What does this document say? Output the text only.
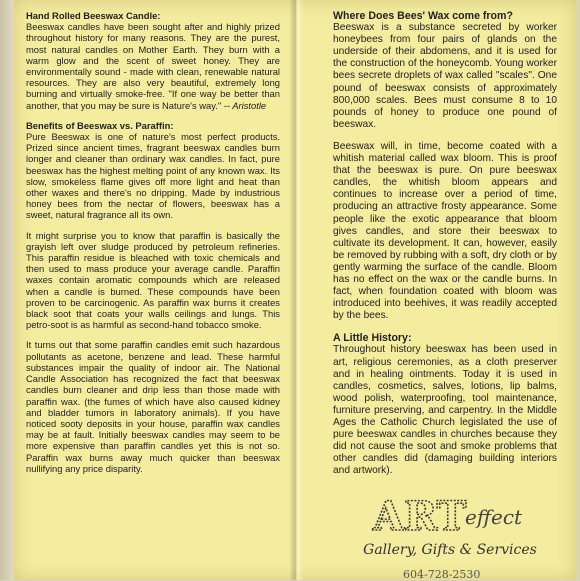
Hand Rolled Beeswax Candle:

Beeswax candles have been sought after and highly prized throughout history for many reasons. They are the purest, most natural candles on Mother Earth. They burn with a warm glow and the scent of sweet honey. They are environmentally sound - made with clean, renewable natural resources. They are also very beautiful, extremely long burning and virtually smoke-free. "If one way be better than another, that you may be sure is Nature's way." -- Aristotle

Benefits of Beeswax vs. Paraffin:

Pure Beeswax is one of nature's most perfect products. Prized since ancient times, fragrant beeswax candles burn longer and cleaner than ordinary wax candles. In fact, pure beeswax has the highest melting point of any known wax. Its slow, smokeless flame gives off more light and heat than other waxes and there's no dripping. Made by industrious honey bees from the nectar of flowers, beeswax has a sweet, natural fragrance all its own.

It might surprise you to know that paraffin is basically the grayish left over sludge produced by petroleum refineries. This paraffin residue is bleached with toxic chemicals and then used to mass produce your average candle. Paraffin waxes contain aromatic compounds which are released when a candle is burned. These compounds have been proven to be carcinogenic. As paraffin wax burns it creates black soot that coats your walls ceilings and lungs. This petro-soot is as harmful as second-hand tobacco smoke.

It turns out that some paraffin candles emit such hazardous pollutants as acetone, benzene and lead. These harmful substances impair the quality of indoor air. The National Candle Association has recognized the fact that beeswax candles burn cleaner and drip less than those made with paraffin wax. (the fumes of which have also caused kidney and bladder tumors in laboratory animals). If you have noticed sooty deposits in your house, paraffin wax candles may be at fault. Initially beeswax candles may seem to be more expensive than paraffin candles yet this is not so. Paraffin wax burns away much quicker than beeswax nullifying any price disparity.

Where Does Bees' Wax come from?

Beeswax is a substance secreted by worker honeybees from four pairs of glands on the underside of their abdomens, and it is used for the construction of the honeycomb. Young worker bees secrete droplets of wax called "scales". One pound of beeswax consists of approximately 800,000 scales. Bees must consume 8 to 10 pounds of honey to produce one pound of beeswax.

Beeswax will, in time, become coated with a whitish material called wax bloom. This is proof that the beeswax is pure. On pure beeswax candles, the whitish bloom appears and continues to increase over a period of time, producing an attractive frosty appearance. Some people like the exotic appearance that bloom gives candles, and store their beeswax to cultivate its development. It can, however, easily be removed by rubbing with a soft, dry cloth or by gently warming the surface of the candle. Bloom has no effect on the wax or the candle burns. In fact, when foundation coated with bloom was introduced into beehives, it was readily accepted by the bees.

A Little History:

Throughout history beeswax has been used in art, religious ceremonies, as a cloth preserver and in healing ointments. Today it is used in candles, cosmetics, salves, lotions, lip balms, wood polish, waterproofing, tool maintenance, furniture preserving, and carpentry. In the Middle Ages the Catholic Church legislated the use of pure beeswax candles in churches because they did not cause the soot and smoke problems that other candles did (damaging building interiors and artwork).

ART
effect
Gallery, Gifts & Services
604-728-2530
